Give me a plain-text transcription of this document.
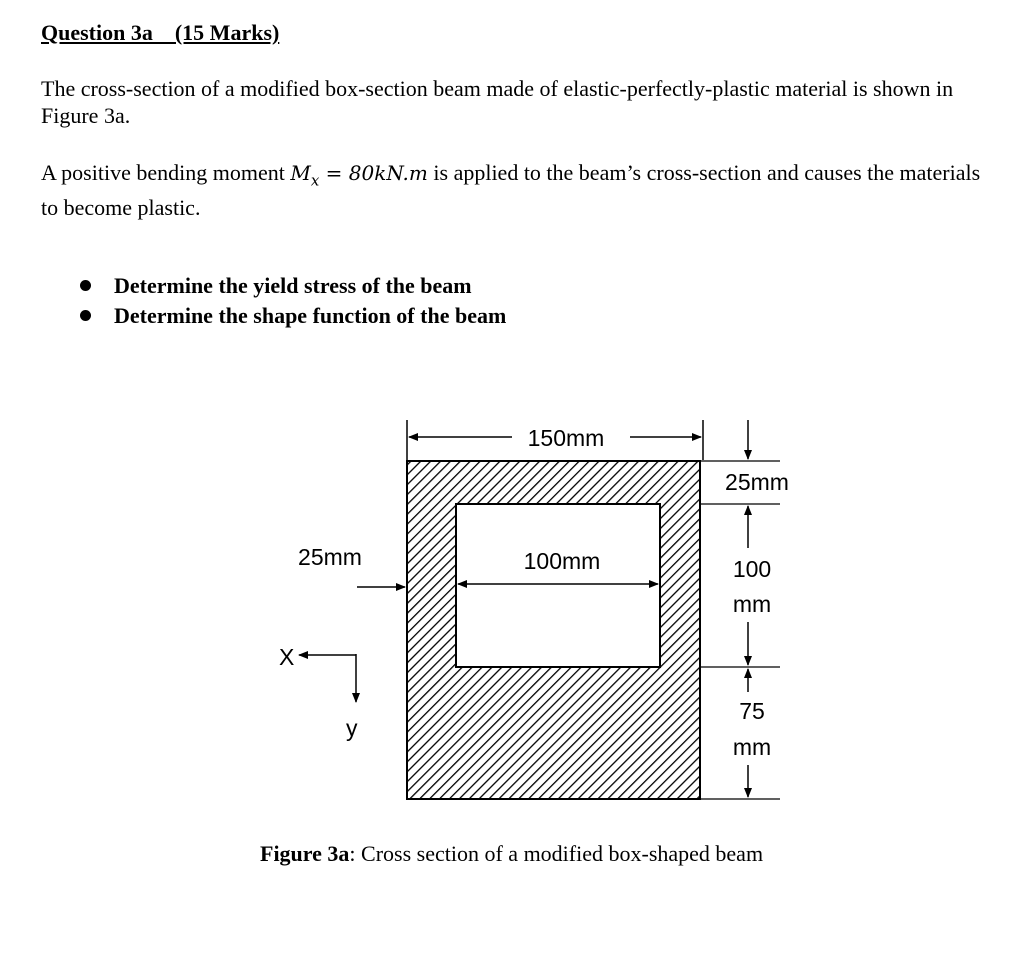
Question 3a    (15 Marks)

The cross-section of a modified box-section beam made of elastic-perfectly-plastic material is shown in Figure 3a.

A positive bending moment $M_x = 80kN.m$ is applied to the beam’s cross-section and causes the materials to become plastic.

Determine the yield stress of the beam
Determine the shape function of the beam
150mm
100mm
25mm
25mm
100
mm
75
mm
X
y

Figure 3a: Cross section of a modified box-shaped beam
